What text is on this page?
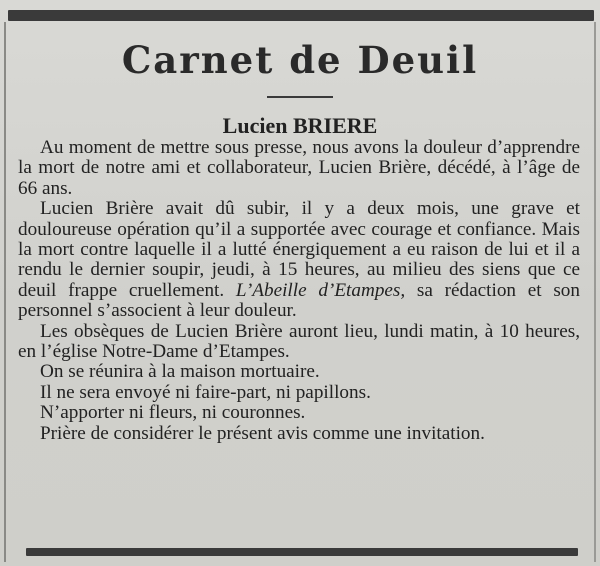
Carnet de Deuil
Lucien BRIERE

Au moment de mettre sous presse, nous avons la douleur d’apprendre la mort de notre ami et collaborateur, Lucien Brière, décédé, à l’âge de 66 ans.

Lucien Brière avait dû subir, il y a deux mois, une grave et douloureuse opération qu’il a supportée avec courage et confiance. Mais la mort contre laquelle il a lutté énergiquement a eu raison de lui et il a rendu le dernier soupir, jeudi, à 15 heures, au milieu des siens que ce deuil frappe cruellement. L’Abeille d’Etampes, sa rédaction et son personnel s’associent à leur douleur.

Les obsèques de Lucien Brière auront lieu, lundi matin, à 10 heures, en l’église Notre-Dame d’Etampes.

On se réunira à la maison mortuaire.

Il ne sera envoyé ni faire-part, ni papillons.

N’apporter ni fleurs, ni couronnes.

Prière de considérer le présent avis comme une invitation.
